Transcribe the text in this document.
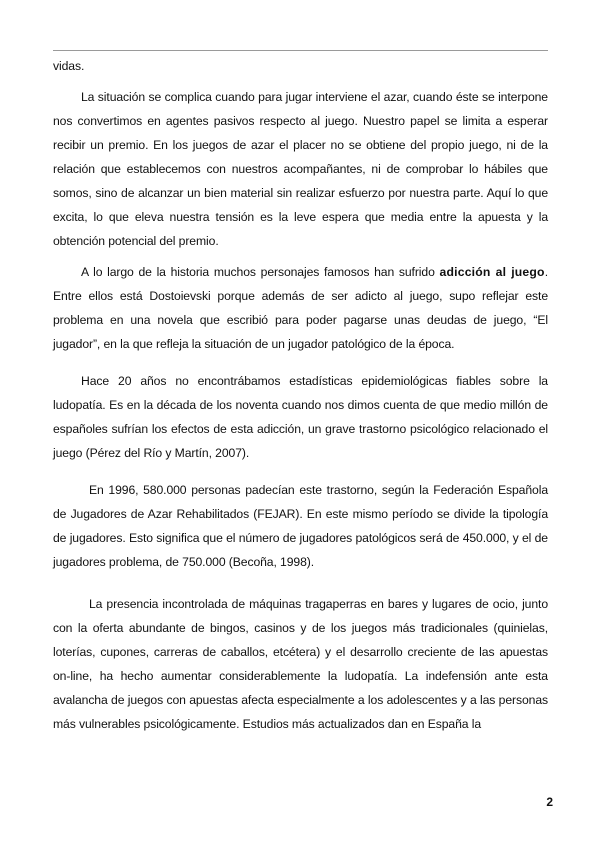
vidas.

La situación se complica cuando para jugar interviene el azar, cuando éste se interpone nos convertimos en agentes pasivos respecto al juego. Nuestro papel se limita a esperar recibir un premio. En los juegos de azar el placer no se obtiene del propio juego, ni de la relación que establecemos con nuestros acompañantes, ni de comprobar lo hábiles que somos, sino de alcanzar un bien material sin realizar esfuerzo por nuestra parte. Aquí lo que excita, lo que eleva nuestra tensión es la leve espera que media entre la apuesta y la obtención potencial del premio.

A lo largo de la historia muchos personajes famosos han sufrido adicción al juego. Entre ellos está Dostoievski porque además de ser adicto al juego, supo reflejar este problema en una novela que escribió para poder pagarse unas deudas de juego, “El jugador”, en la que refleja la situación de un jugador patológico de la época.

Hace 20 años no encontrábamos estadísticas epidemiológicas fiables sobre la ludopatía. Es en la década de los noventa cuando nos dimos cuenta de que medio millón de españoles sufrían los efectos de esta adicción, un grave trastorno psicológico relacionado el juego (Pérez del Río y Martín, 2007).

En 1996, 580.000 personas padecían este trastorno, según la Federación Española de Jugadores de Azar Rehabilitados (FEJAR). En este mismo período se divide la tipología de jugadores. Esto significa que el número de jugadores patológicos será de 450.000, y el de jugadores problema, de 750.000 (Becoña, 1998).

La presencia incontrolada de máquinas tragaperras en bares y lugares de ocio, junto con la oferta abundante de bingos, casinos y de los juegos más tradicionales (quinielas, loterías, cupones, carreras de caballos, etcétera) y el desarrollo creciente de las apuestas on-line, ha hecho aumentar considerablemente la ludopatía. La indefensión ante esta avalancha de juegos con apuestas afecta especialmente a los adolescentes y a las personas más vulnerables psicológicamente. Estudios más actualizados dan en España la

2
